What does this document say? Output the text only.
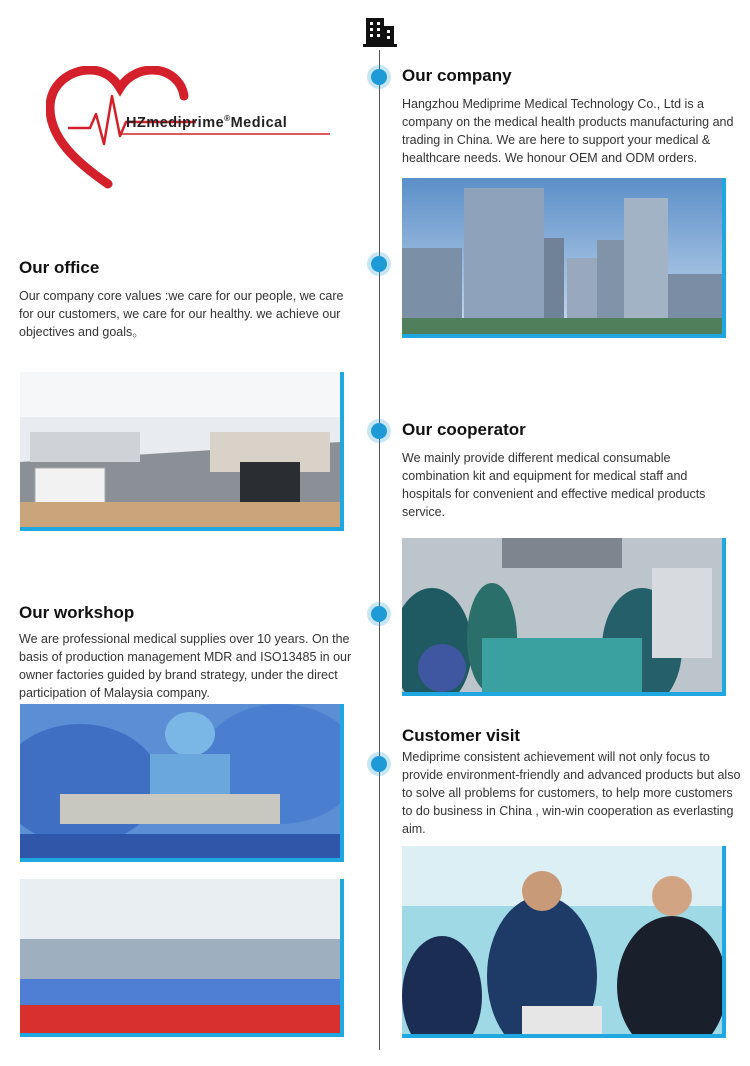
HZmediprime®Medical
Our company

Hangzhou Mediprime Medical Technology Co., Ltd is a company on the medical health products manufacturing and trading in China. We are here to support your medical & healthcare needs. We honour OEM and ODM orders.

Our office

Our company core values :we care for our people, we care for our customers, we care for our healthy. we achieve our objectives and goals。

Our cooperator

We mainly provide different medical consumable combination kit and equipment for medical staff and hospitals for convenient and effective medical products service.

Our workshop

We are professional medical supplies over 10 years. On the basis of production management MDR and ISO13485 in our owner factories guided by brand strategy, under the direct participation of Malaysia company.

Customer visit

Mediprime consistent achievement will not only focus to provide environment-friendly and advanced products but also to solve all problems for customers, to help more customers to do business in China , win-win cooperation as everlasting aim.
